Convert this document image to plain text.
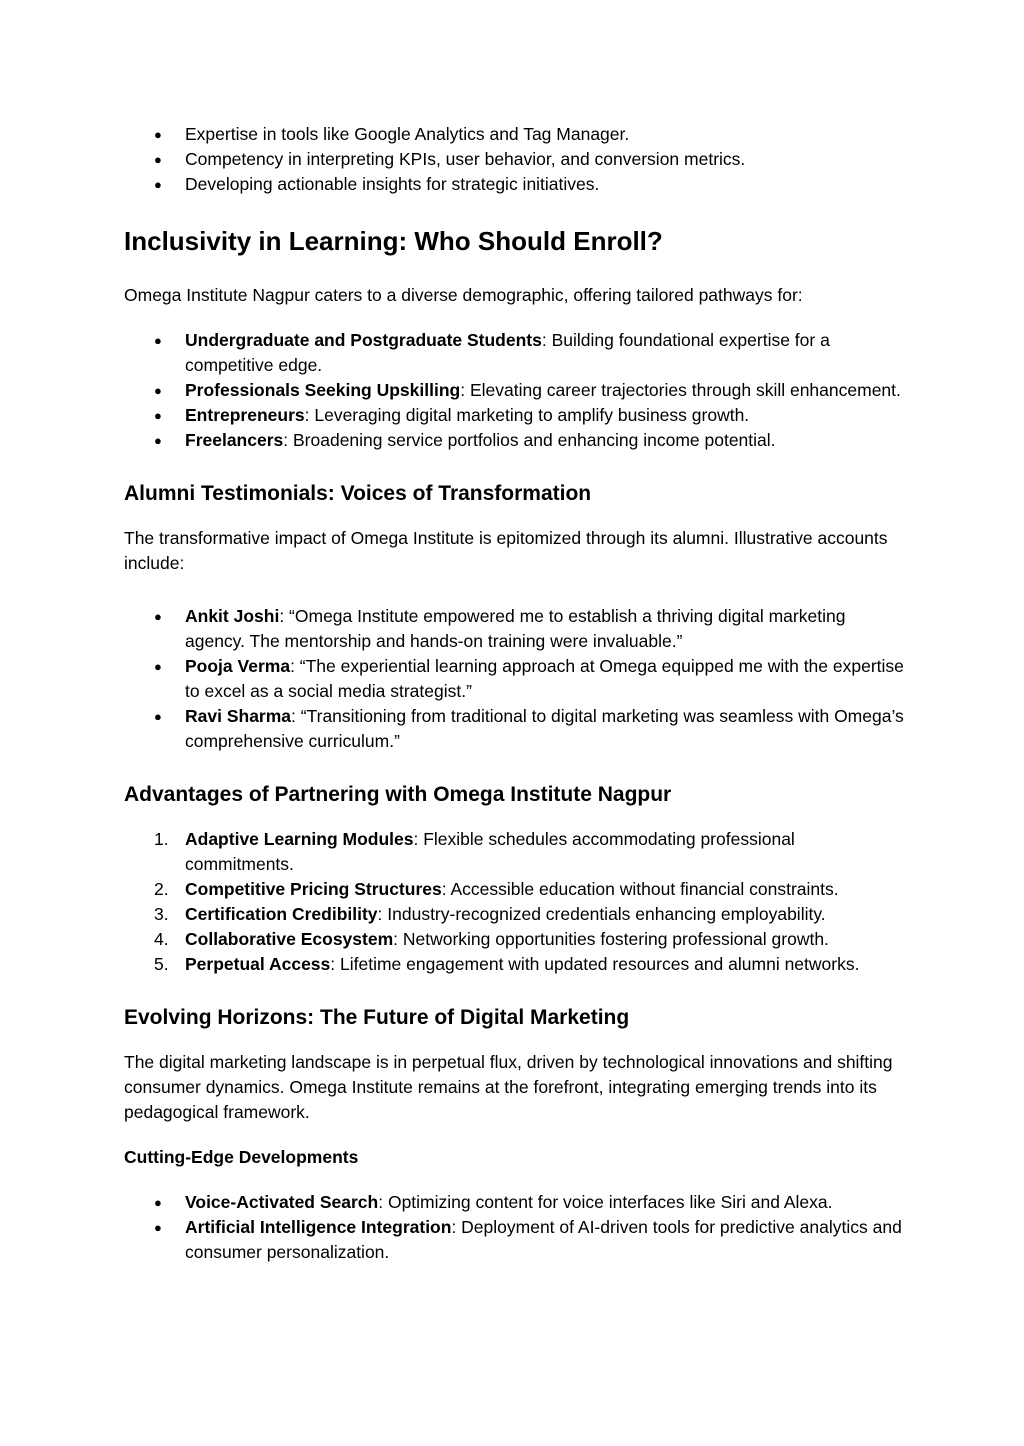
● Expertise in tools like Google Analytics and Tag Manager.
● Competency in interpreting KPIs, user behavior, and conversion metrics.
● Developing actionable insights for strategic initiatives.
Inclusivity in Learning: Who Should Enroll?

Omega Institute Nagpur caters to a diverse demographic, offering tailored pathways for:

● Undergraduate and Postgraduate Students: Building foundational expertise for a competitive edge.
● Professionals Seeking Upskilling: Elevating career trajectories through skill enhancement.
● Entrepreneurs: Leveraging digital marketing to amplify business growth.
● Freelancers: Broadening service portfolios and enhancing income potential.
Alumni Testimonials: Voices of Transformation

The transformative impact of Omega Institute is epitomized through its alumni. Illustrative accounts include:

● Ankit Joshi: “Omega Institute empowered me to establish a thriving digital marketing agency. The mentorship and hands-on training were invaluable.”
● Pooja Verma: “The experiential learning approach at Omega equipped me with the expertise to excel as a social media strategist.”
● Ravi Sharma: “Transitioning from traditional to digital marketing was seamless with Omega’s comprehensive curriculum.”
Advantages of Partnering with Omega Institute Nagpur
1. Adaptive Learning Modules: Flexible schedules accommodating professional commitments.
2. Competitive Pricing Structures: Accessible education without financial constraints.
3. Certification Credibility: Industry-recognized credentials enhancing employability.
4. Collaborative Ecosystem: Networking opportunities fostering professional growth.
5. Perpetual Access: Lifetime engagement with updated resources and alumni networks.
Evolving Horizons: The Future of Digital Marketing

The digital marketing landscape is in perpetual flux, driven by technological innovations and shifting consumer dynamics. Omega Institute remains at the forefront, integrating emerging trends into its pedagogical framework.

Cutting-Edge Developments
● Voice-Activated Search: Optimizing content for voice interfaces like Siri and Alexa.
● Artificial Intelligence Integration: Deployment of AI-driven tools for predictive analytics and consumer personalization.
